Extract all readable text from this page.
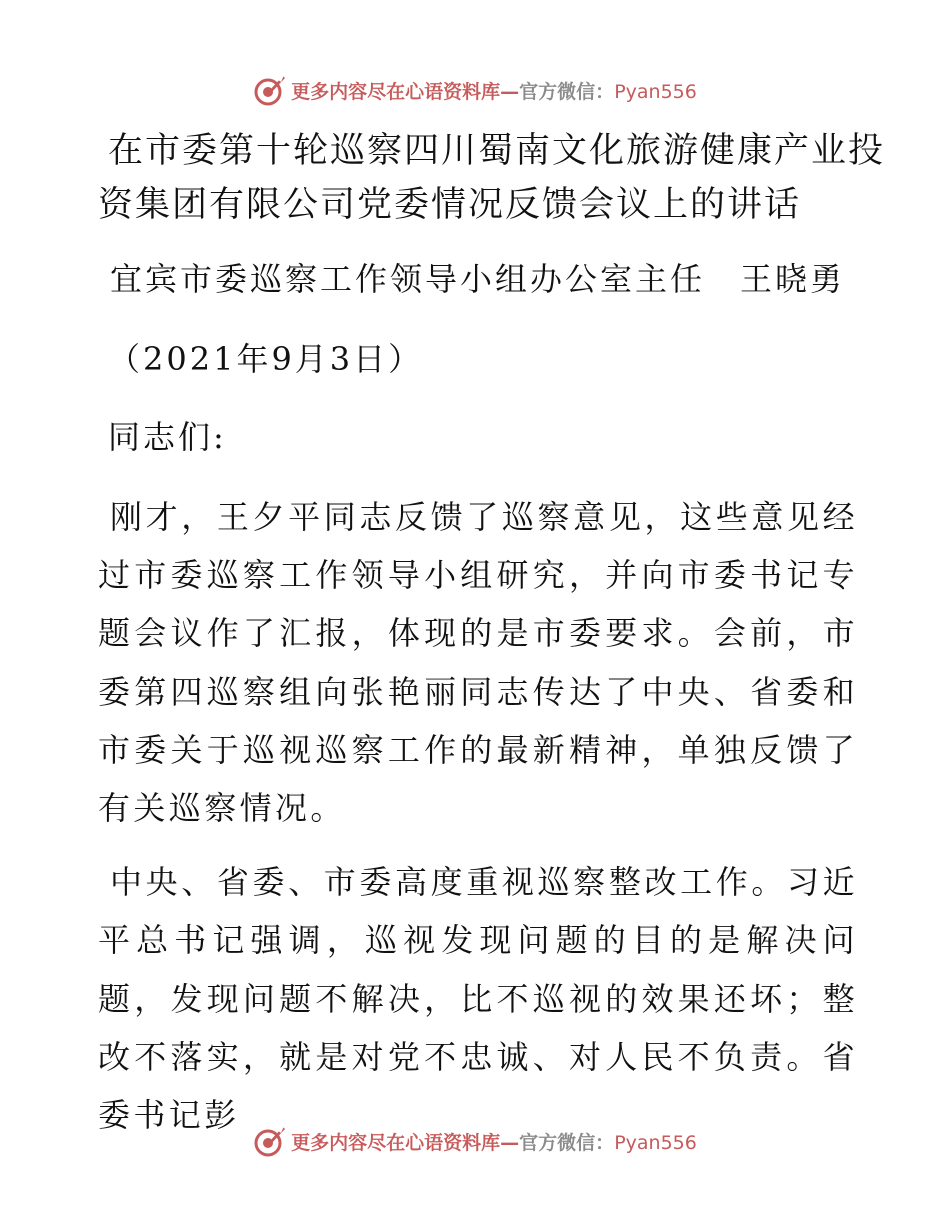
更多内容尽在心语资料库—官方微信：Pyan556

在市委第十轮巡察四川蜀南文化旅游健康产业投

资集团有限公司党委情况反馈会议上的讲话

宜宾市委巡察工作领导小组办公室主任　王晓勇
（2021年9月3日）
同志们:

刚才，王夕平同志反馈了巡察意见，这些意见经过市委巡察工作领导小组研究，并向市委书记专题会议作了汇报，体现的是市委要求。会前，市委第四巡察组向张艳丽同志传达了中央、省委和市委关于巡视巡察工作的最新精神，单独反馈了有关巡察情况。

中央、省委、市委高度重视巡察整改工作。习近平总书记强调，巡视发现问题的目的是解决问题，发现问题不解决，比不巡视的效果还坏；整改不落实，就是对党不忠诚、对人民不负责。省委书记彭

更多内容尽在心语资料库—官方微信：Pyan556
